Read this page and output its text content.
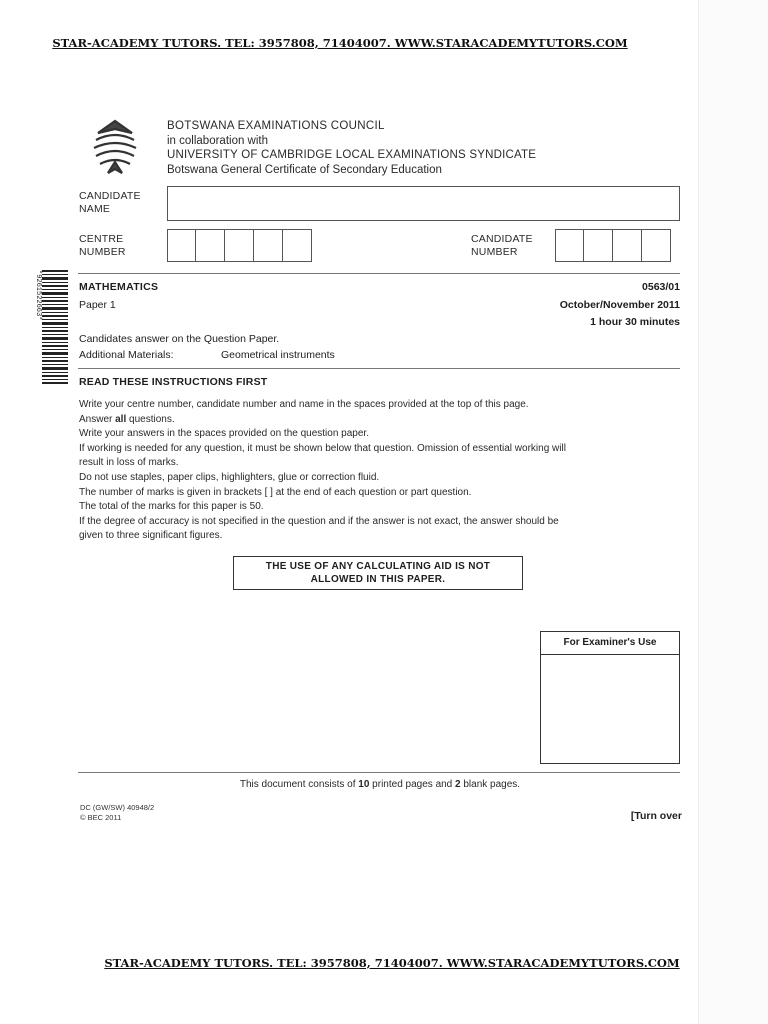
STAR-ACADEMY TUTORS. TEL: 3957808, 71404007. WWW.STARACADEMYTUTORS.COM
BOTSWANA EXAMINATIONS COUNCIL
in collaboration with
UNIVERSITY OF CAMBRIDGE LOCAL EXAMINATIONS SYNDICATE
Botswana General Certificate of Secondary Education
CANDIDATE
NAME
CENTRE
NUMBER
CANDIDATE
NUMBER
MATHEMATICS	0563/01
Paper 1	October/November 2011
1 hour 30 minutes
Candidates answer on the Question Paper.
Additional Materials:	Geometrical instruments
*9261522663*
READ THESE INSTRUCTIONS FIRST
Write your centre number, candidate number and name in the spaces provided at the top of this page.
Answer all questions.
Write your answers in the spaces provided on the question paper.
If working is needed for any question, it must be shown below that question. Omission of essential working will
result in loss of marks.
Do not use staples, paper clips, highlighters, glue or correction fluid.
The number of marks is given in brackets [ ] at the end of each question or part question.
The total of the marks for this paper is 50.
If the degree of accuracy is not specified in the question and if the answer is not exact, the answer should be
given to three significant figures.
THE USE OF ANY CALCULATING AID IS NOT
ALLOWED IN THIS PAPER.
For Examiner's Use
This document consists of 10 printed pages and 2 blank pages.
DC (GW/SW) 40948/2
© BEC 2011	[Turn over
STAR-ACADEMY TUTORS. TEL: 3957808, 71404007. WWW.STARACADEMYTUTORS.COM
